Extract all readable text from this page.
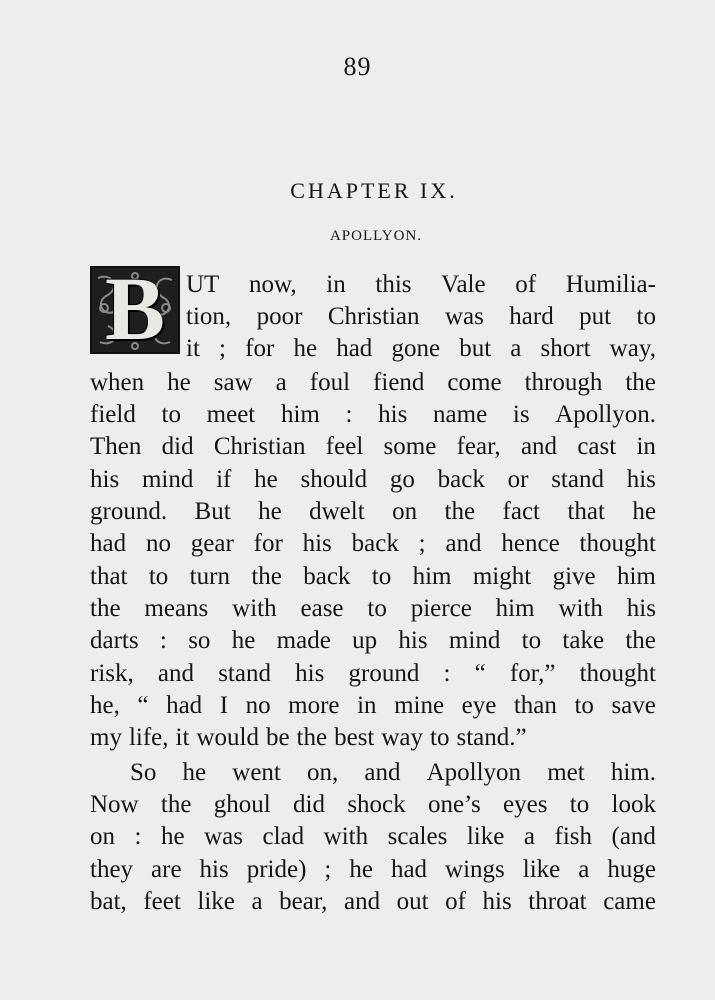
89
CHAPTER IX.
APOLLYON.
B UT now, in this Vale of Humilia-
tion, poor Christian was hard put to
it ; for he had gone but a short way,
when he saw a foul fiend come through the
field to meet him : his name is Apollyon.
Then did Christian feel some fear, and cast in
his mind if he should go back or stand his
ground. But he dwelt on the fact that he
had no gear for his back ; and hence thought
that to turn the back to him might give him
the means with ease to pierce him with his
darts : so he made up his mind to take the
risk, and stand his ground : “ for,” thought
he, “ had I no more in mine eye than to save
my life, it would be the best way to stand.”
So he went on, and Apollyon met him.
Now the ghoul did shock one’s eyes to look
on : he was clad with scales like a fish (and
they are his pride) ; he had wings like a huge
bat, feet like a bear, and out of his throat came
